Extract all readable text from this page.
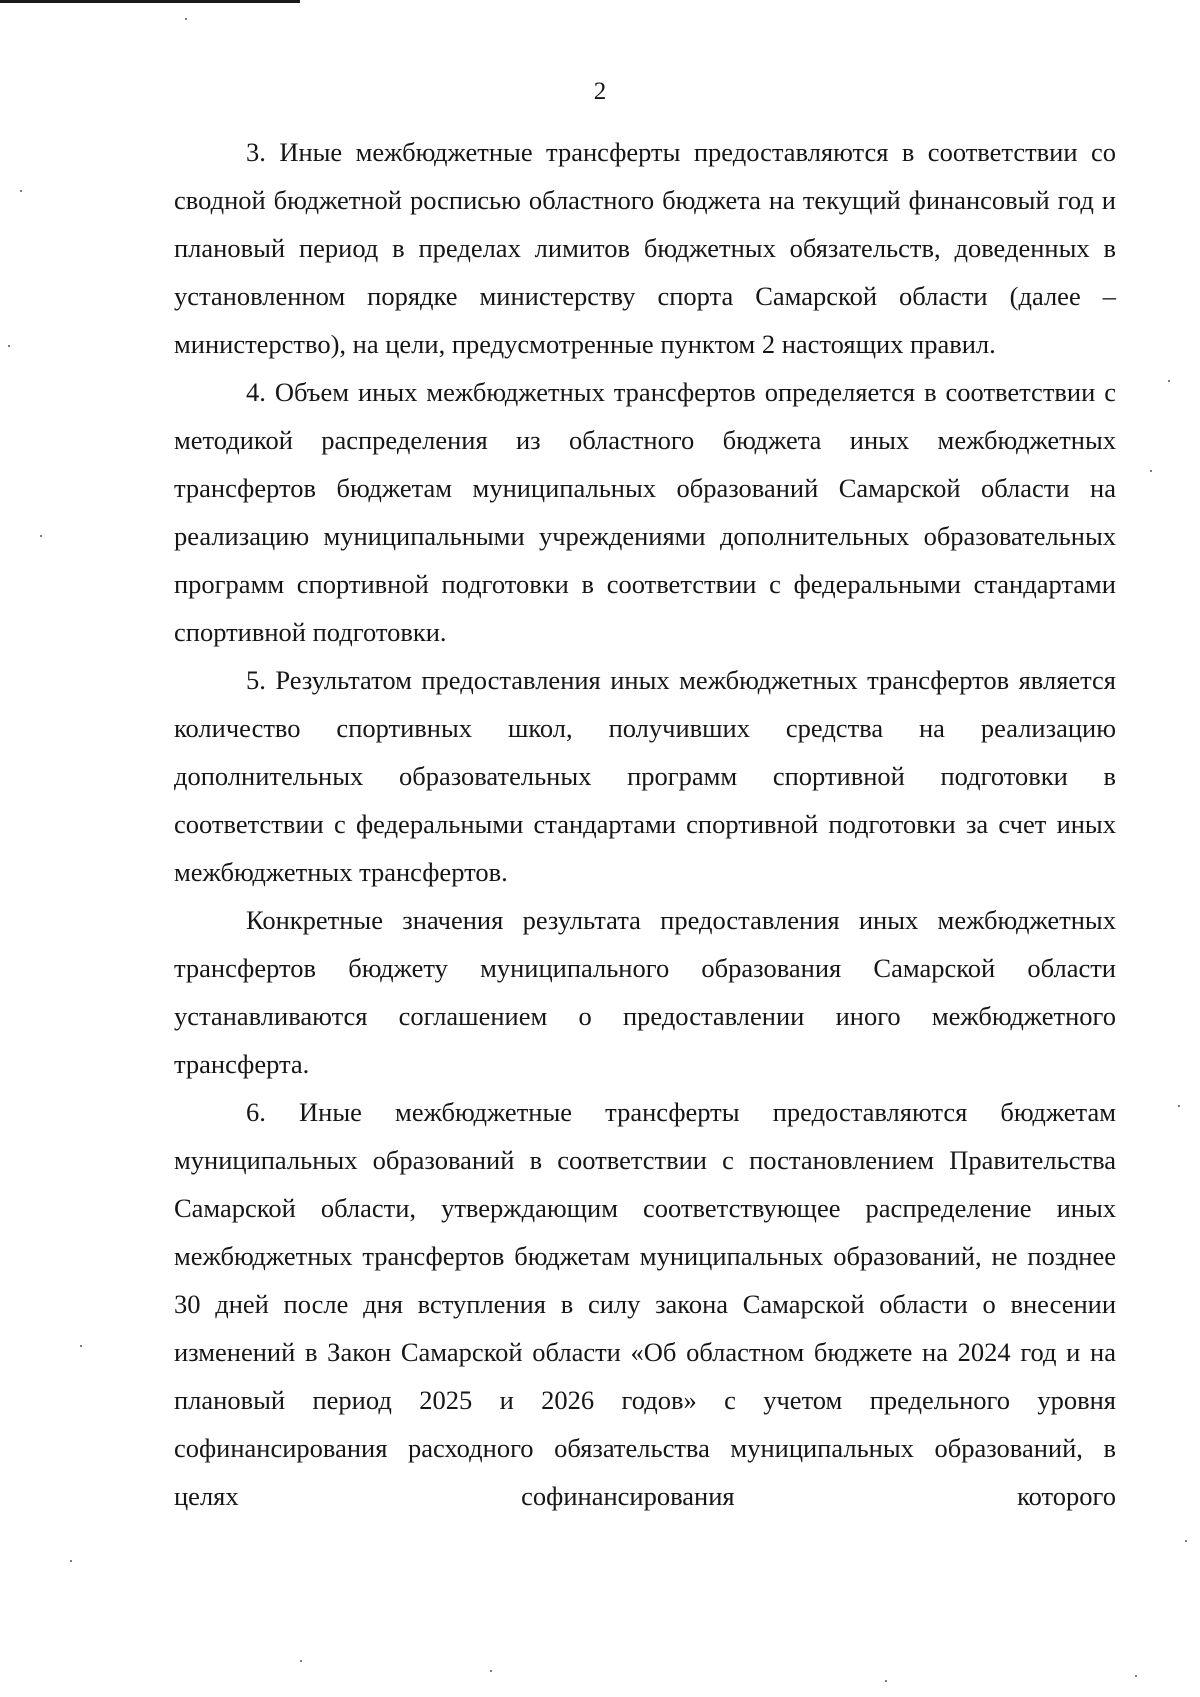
2

3. Иные межбюджетные трансферты предоставляются в соответствии со сводной бюджетной росписью областного бюджета на текущий финансовый год и плановый период в пределах лимитов бюджетных обязательств, доведенных в установленном порядке министерству спорта Самарской области (далее – министерство), на цели, предусмотренные пунктом 2 настоящих правил.

4. Объем иных межбюджетных трансфертов определяется в соответствии с методикой распределения из областного бюджета иных межбюджетных трансфертов бюджетам муниципальных образований Самарской области на реализацию муниципальными учреждениями дополнительных образовательных программ спортивной подготовки в соответствии с федеральными стандартами спортивной подготовки.

5. Результатом предоставления иных межбюджетных трансфертов является количество спортивных школ, получивших средства на реализацию дополнительных образовательных программ спортивной подготовки в соответствии с федеральными стандартами спортивной подготовки за счет иных межбюджетных трансфертов.

Конкретные значения результата предоставления иных межбюджетных трансфертов бюджету муниципального образования Самарской области устанавливаются соглашением о предоставлении иного межбюджетного трансферта.

6. Иные межбюджетные трансферты предоставляются бюджетам муниципальных образований в соответствии с постановлением Правительства Самарской области, утверждающим соответствующее распределение иных межбюджетных трансфертов бюджетам муниципальных образований, не позднее 30 дней после дня вступления в силу закона Самарской области о внесении изменений в Закон Самарской области «Об областном бюджете на 2024 год и на плановый период 2025 и 2026 годов» с учетом предельного уровня софинансирования расходного обязательства муниципальных образований, в целях софинансирования которого
